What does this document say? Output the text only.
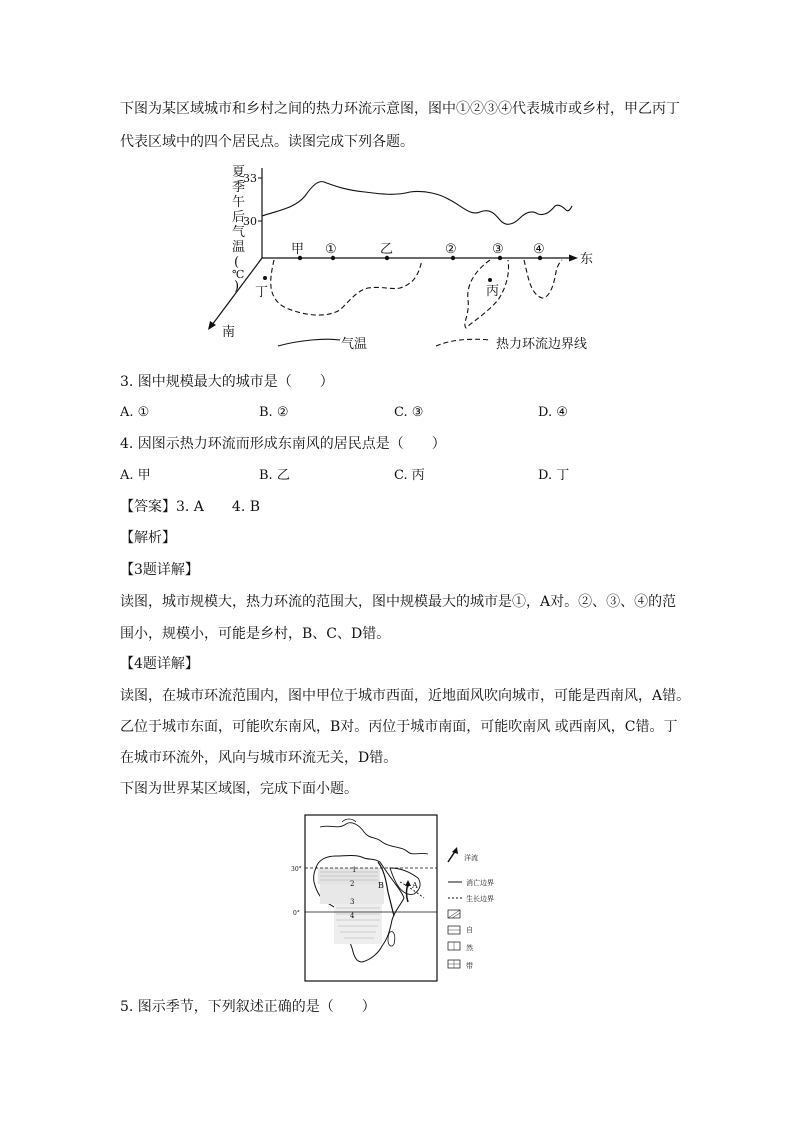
下图为某区域城市和乡村之间的热力环流示意图，图中①②③④代表城市或乡村，甲乙丙丁
代表区域中的四个居民点。读图完成下列各题。
夏
季
午
后
气
温
(
℃
)
33
30
东
南
甲 ①	乙	②	③ ④
丁	丙
气温	热力环流边界线
3. 图中规模最大的城市是（　　）
A. ①	B. ②	C. ③	D. ④
4. 因图示热力环流而形成东南风的居民点是（　　）
A. 甲	B. 乙	C. 丙	D. 丁
【答案】3. A　　4. B
【解析】
【3题详解】
读图，城市规模大，热力环流的范围大，图中规模最大的城市是①，A对。②、③、④的范
围小，规模小，可能是乡村，B、C、D错。
【4题详解】
读图，在城市环流范围内，图中甲位于城市西面，近地面风吹向城市，可能是西南风，A错。
乙位于城市东面，可能吹东南风，B对。丙位于城市南面，可能吹南风 或西南风，C错。丁
在城市环流外，风向与城市环流无关，D错。
下图为世界某区域图，完成下面小题。
30°
0°
1
2
3
4
A
B
洋流
消亡边界
生长边界
自
然
带
5. 图示季节，下列叙述正确的是（　　）
